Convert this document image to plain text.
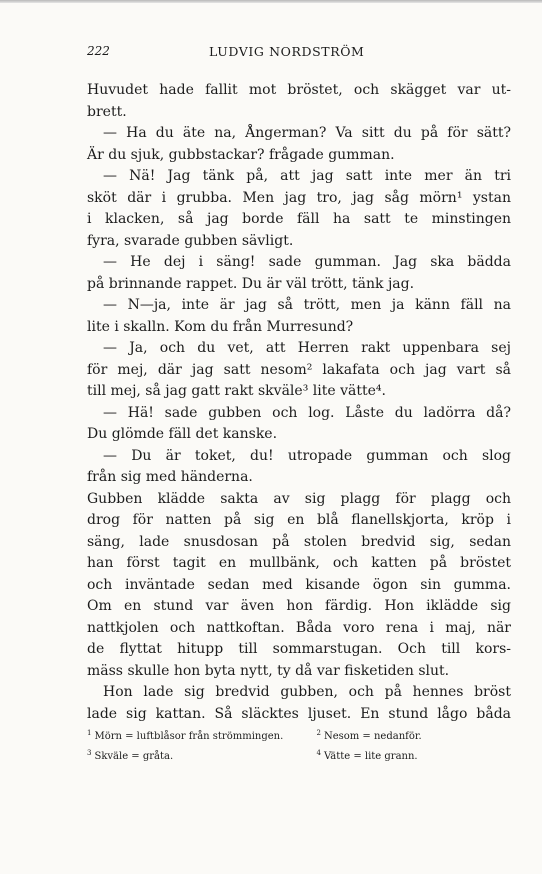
222	LUDVIG NORDSTRÖM
Huvudet hade fallit mot bröstet, och skägget var ut-
brett.
— Ha du äte na, Ångerman? Va sitt du på för sätt?
Är du sjuk, gubbstackar? frågade gumman.
— Nä! Jag tänk på, att jag satt inte mer än tri
sköt där i grubba. Men jag tro, jag såg mörn¹ ystan
i klacken, så jag borde fäll ha satt te minstingen
fyra, svarade gubben sävligt.
— He dej i säng! sade gumman. Jag ska bädda
på brinnande rappet. Du är väl trött, tänk jag.
— N—ja, inte är jag så trött, men ja känn fäll na
lite i skalln. Kom du från Murresund?
— Ja, och du vet, att Herren rakt uppenbara sej
för mej, där jag satt nesom² lakafata och jag vart så
till mej, så jag gatt rakt skväle³ lite vätte⁴.
— Hä! sade gubben och log. Låste du ladörra då?
Du glömde fäll det kanske.
— Du är toket, du! utropade gumman och slog
från sig med händerna.
Gubben klädde sakta av sig plagg för plagg och
drog för natten på sig en blå flanellskjorta, kröp i
säng, lade snusdosan på stolen bredvid sig, sedan
han först tagit en mullbänk, och katten på bröstet
och inväntade sedan med kisande ögon sin gumma.
Om en stund var även hon färdig. Hon iklädde sig
nattkjolen och nattkoftan. Båda voro rena i maj, när
de flyttat hitupp till sommarstugan. Och till kors-
mäss skulle hon byta nytt, ty då var fisketiden slut.
Hon lade sig bredvid gubben, och på hennes bröst
lade sig kattan. Så släcktes ljuset. En stund lågo båda
$^1$ Mörn = luftblåsor från strömmingen.	$^2$ Nesom = nedanför.
$^3$ Skväle = gråta.	$^4$ Vätte = lite grann.
